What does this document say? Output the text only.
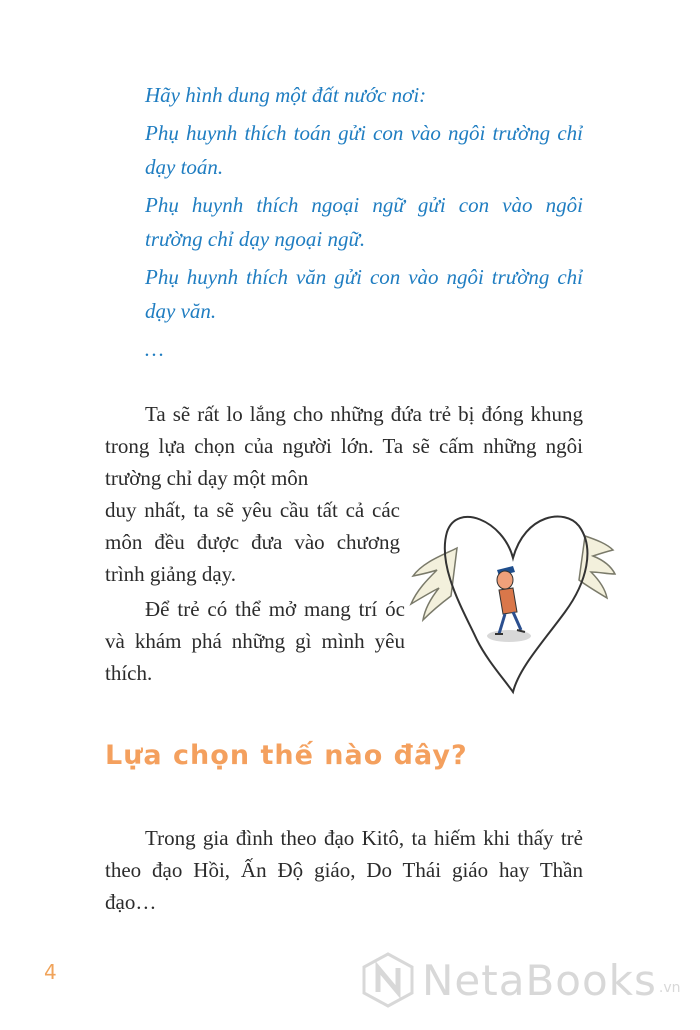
Hãy hình dung một đất nước nơi:

Phụ huynh thích toán gửi con vào ngôi trường chỉ dạy toán.

Phụ huynh thích ngoại ngữ gửi con vào ngôi trường chỉ dạy ngoại ngữ.

Phụ huynh thích văn gửi con vào ngôi trường chỉ dạy văn.

…

Ta sẽ rất lo lắng cho những đứa trẻ bị đóng khung trong lựa chọn của người lớn. Ta sẽ cấm những ngôi trường chỉ dạy một môn

duy nhất, ta sẽ yêu cầu tất cả các môn đều được đưa vào chương trình giảng dạy.

Để trẻ có thể mở mang trí óc và khám phá những gì mình yêu thích.

Lựa chọn thế nào đây?

Trong gia đình theo đạo Kitô, ta hiếm khi thấy trẻ theo đạo Hồi, Ấn Độ giáo, Do Thái giáo hay Thần đạo…

4	NetaBooks .vn
